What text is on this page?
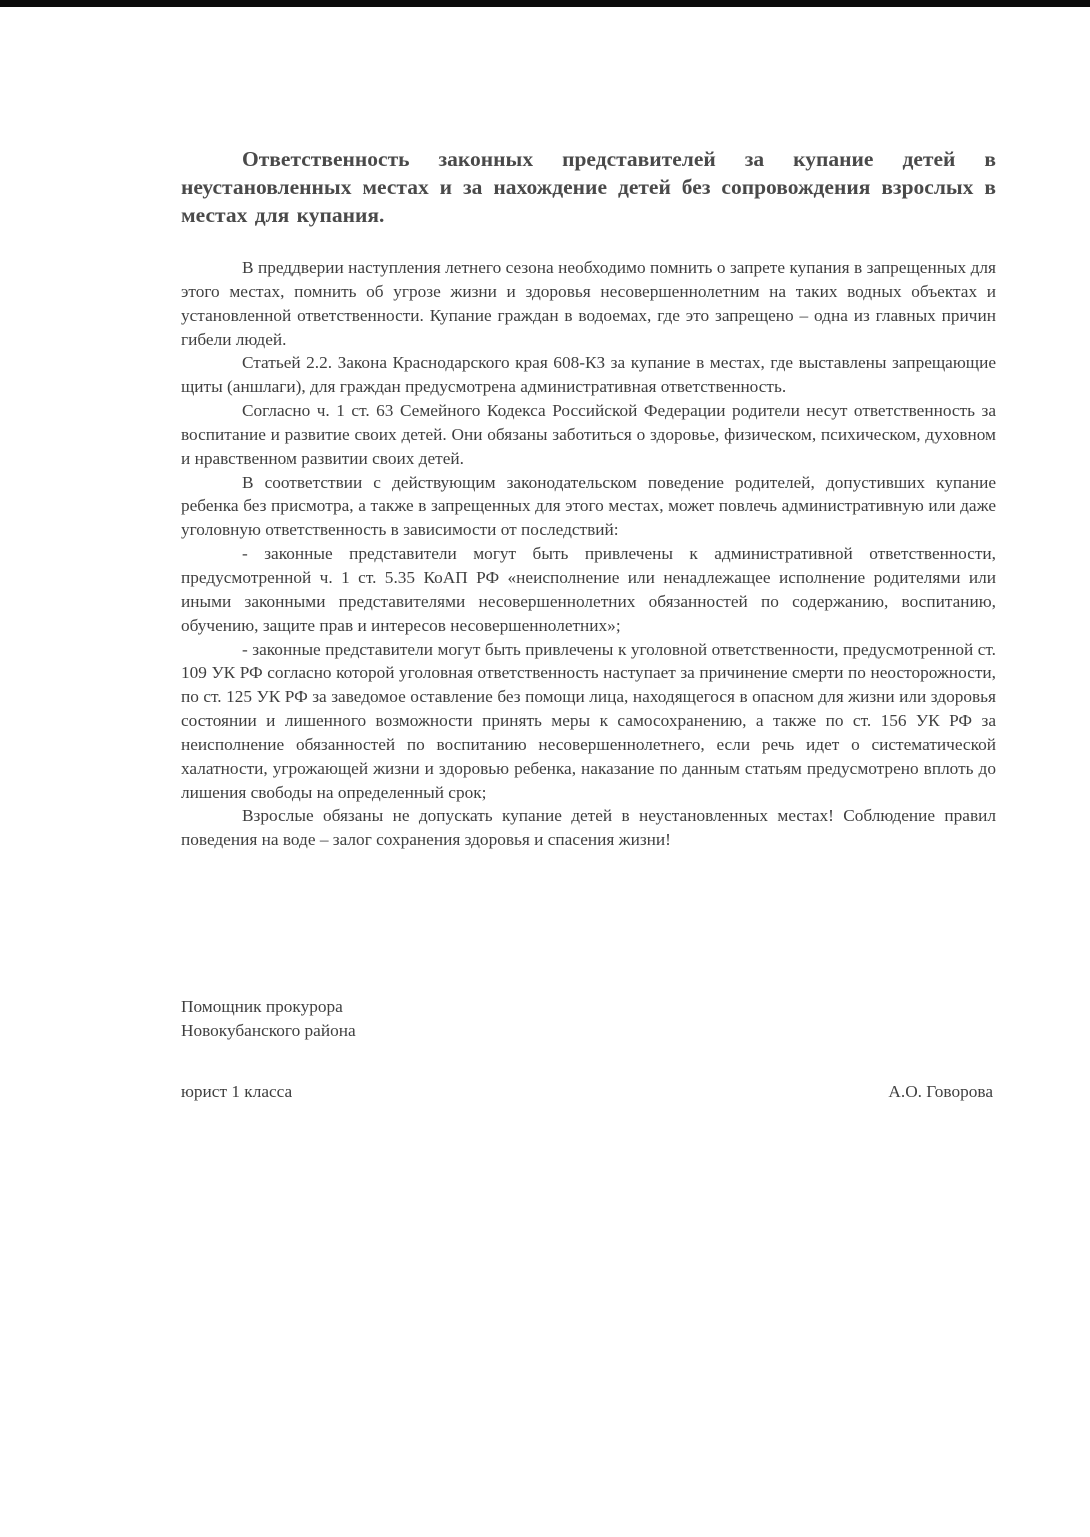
Ответственность законных представителей за купание детей в неустановленных местах и за нахождение детей без сопровождения взрослых в местах для купания.

В преддверии наступления летнего сезона необходимо помнить о запрете купания в запрещенных для этого местах, помнить об угрозе жизни и здоровья несовершеннолетним на таких водных объектах и установленной ответственности. Купание граждан в водоемах, где это запрещено – одна из главных причин гибели людей.

Статьей 2.2. Закона Краснодарского края 608-КЗ за купание в местах, где выставлены запрещающие щиты (аншлаги), для граждан предусмотрена административная ответственность.

Согласно ч. 1 ст. 63 Семейного Кодекса Российской Федерации родители несут ответственность за воспитание и развитие своих детей. Они обязаны заботиться о здоровье, физическом, психическом, духовном и нравственном развитии своих детей.

В соответствии с действующим законодательском поведение родителей, допустивших купание ребенка без присмотра, а также в запрещенных для этого местах, может повлечь административную или даже уголовную ответственность в зависимости от последствий:

- законные представители могут быть привлечены к административной ответственности, предусмотренной ч. 1 ст. 5.35 КоАП РФ «неисполнение или ненадлежащее исполнение родителями или иными законными представителями несовершеннолетних обязанностей по содержанию, воспитанию, обучению, защите прав и интересов несовершеннолетних»;

- законные представители могут быть привлечены к уголовной ответственности, предусмотренной ст. 109 УК РФ согласно которой уголовная ответственность наступает за причинение смерти по неосторожности, по ст. 125 УК РФ за заведомое оставление без помощи лица, находящегося в опасном для жизни или здоровья состоянии и лишенного возможности принять меры к самосохранению, а также по ст. 156 УК РФ за неисполнение обязанностей по воспитанию несовершеннолетнего, если речь идет о систематической халатности, угрожающей жизни и здоровью ребенка, наказание по данным статьям предусмотрено вплоть до лишения свободы на определенный срок;

Взрослые обязаны не допускать купание детей в неустановленных местах! Соблюдение правил поведения на воде – залог сохранения здоровья и спасения жизни!

Помощник прокурора

Новокубанского района

юрист 1 класса	А.О. Говорова
